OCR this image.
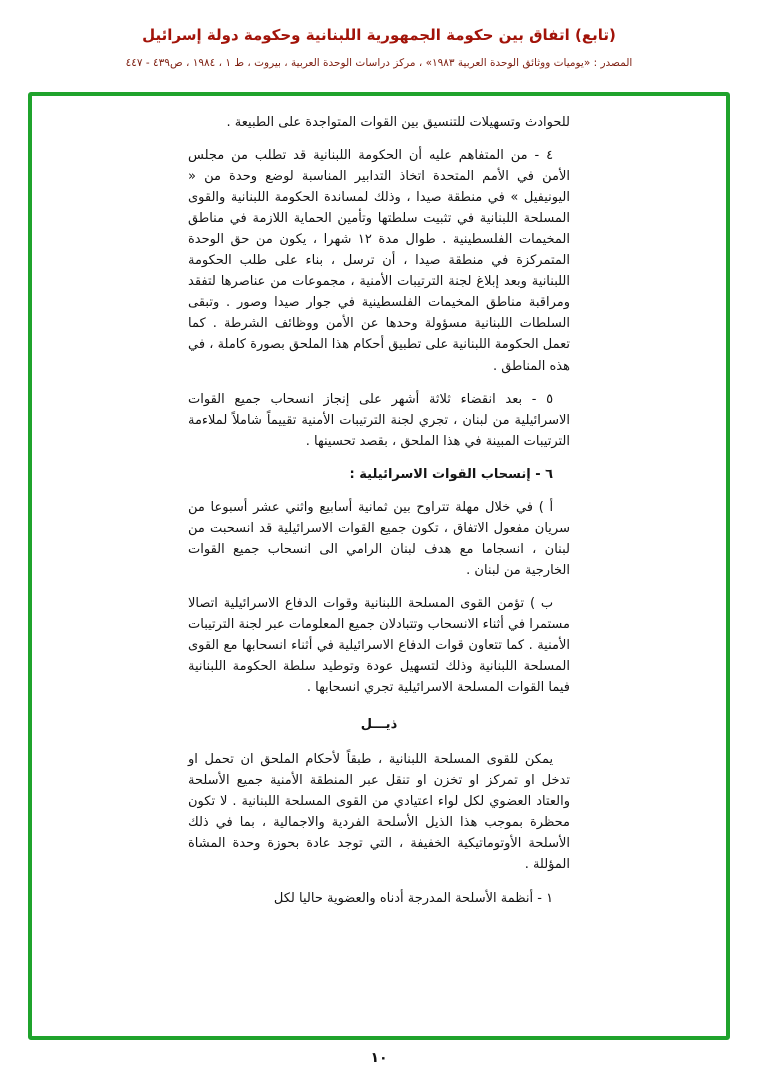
(تابع) اتفاق بين حكومة الجمهورية اللبنانية وحكومة دولة إسرائيل
المصدر : «يوميات ووثائق الوحدة العربية ١٩٨٣» ، مركز دراسات الوحدة العربية ، بيروت ، ط ١ ، ١٩٨٤ ، ص٤٣٩ - ٤٤٧

للحوادث وتسهيلات للتنسيق بين القوات المتواجدة على الطبيعة .

٤ - من المتفاهم عليه أن الحكومة اللبنانية قد تطلب من مجلس الأمن في الأمم المتحدة اتخاذ التدابير المناسبة لوضع وحدة من « اليونيفيل » في منطقة صيدا ، وذلك لمساندة الحكومة اللبنانية والقوى المسلحة اللبنانية في تثبيت سلطتها وتأمين الحماية اللازمة في مناطق المخيمات الفلسطينية . طوال مدة ١٢ شهرا ، يكون من حق الوحدة المتمركزة في منطقة صيدا ، أن ترسل ، بناء على طلب الحكومة اللبنانية وبعد إبلاغ لجنة الترتيبات الأمنية ، مجموعات من عناصرها لتفقد ومراقبة مناطق المخيمات الفلسطينية في جوار صيدا وصور . وتبقى السلطات اللبنانية مسؤولة وحدها عن الأمن ووظائف الشرطة . كما تعمل الحكومة اللبنانية على تطبيق أحكام هذا الملحق بصورة كاملة ، في هذه المناطق .

٥ - بعد انقضاء ثلاثة أشهر على إنجاز انسحاب جميع القوات الاسرائيلية من لبنان ، تجري لجنة الترتيبات الأمنية تقييماً شاملاً لملاءمة الترتيبات المبينة في هذا الملحق ، بقصد تحسينها .

٦ - إنسحاب القوات الاسرائيلية :

أ ) في خلال مهلة تتراوح بين ثمانية أسابيع واثني عشر أسبوعا من سريان مفعول الاتفاق ، تكون جميع القوات الاسرائيلية قد انسحبت من لبنان ، انسجاما مع هدف لبنان الرامي الى انسحاب جميع القوات الخارجية من لبنان .

ب ) تؤمن القوى المسلحة اللبنانية وقوات الدفاع الاسرائيلية اتصالا مستمرا في أثناء الانسحاب وتتبادلان جميع المعلومات عبر لجنة الترتيبات الأمنية . كما تتعاون قوات الدفاع الاسرائيلية في أثناء انسحابها مع القوى المسلحة اللبنانية وذلك لتسهيل عودة وتوطيد سلطة الحكومة اللبنانية فيما القوات المسلحة الاسرائيلية تجري انسحابها .

ذيـــل

يمكن للقوى المسلحة اللبنانية ، طبقاً لأحكام الملحق ان تحمل او تدخل او تمركز او تخزن او تنقل عبر المنطقة الأمنية جميع الأسلحة والعتاد العضوي لكل لواء اعتيادي من القوى المسلحة اللبنانية . لا تكون محظرة بموجب هذا الذيل الأسلحة الفردية والاجمالية ، بما في ذلك الأسلحة الأوتوماتيكية الخفيفة ، التي توجد عادة بحوزة وحدة المشاة المؤللة .

١ - أنظمة الأسلحة المدرجة أدناه والعضوية حاليا لكل

١٠
